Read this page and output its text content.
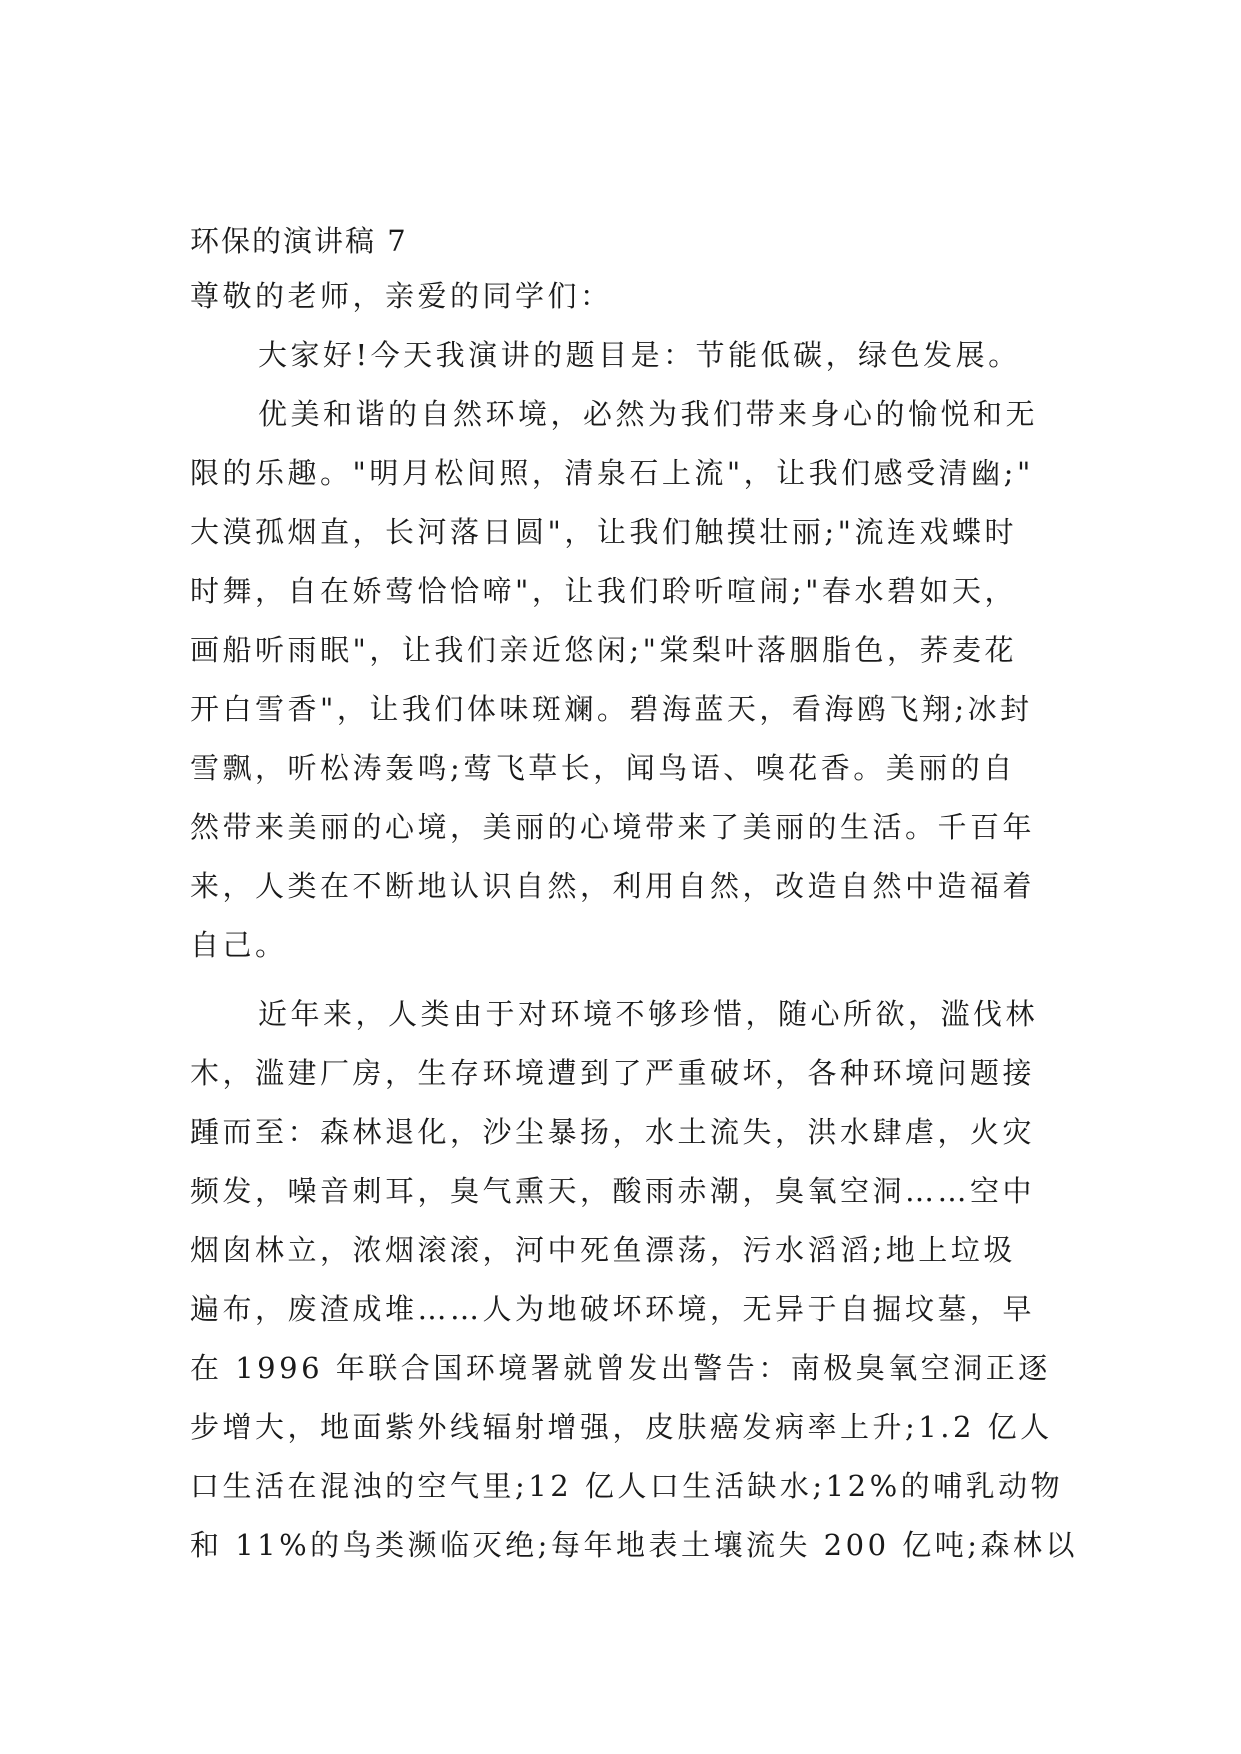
环保的演讲稿 7
尊敬的老师，亲爱的同学们：
大家好!今天我演讲的题目是：节能低碳，绿色发展。
优美和谐的自然环境，必然为我们带来身心的愉悦和无
限的乐趣。"明月松间照，清泉石上流"，让我们感受清幽;"
大漠孤烟直，长河落日圆"，让我们触摸壮丽;"流连戏蝶时
时舞，自在娇莺恰恰啼"，让我们聆听喧闹;"春水碧如天，
画船听雨眠"，让我们亲近悠闲;"棠梨叶落胭脂色，荞麦花
开白雪香"，让我们体味斑斓。碧海蓝天，看海鸥飞翔;冰封
雪飘，听松涛轰鸣;莺飞草长，闻鸟语、嗅花香。美丽的自
然带来美丽的心境，美丽的心境带来了美丽的生活。千百年
来，人类在不断地认识自然，利用自然，改造自然中造福着
自己。
近年来，人类由于对环境不够珍惜，随心所欲，滥伐林
木，滥建厂房，生存环境遭到了严重破坏，各种环境问题接
踵而至：森林退化，沙尘暴扬，水土流失，洪水肆虐，火灾
频发，噪音刺耳，臭气熏天，酸雨赤潮，臭氧空洞……空中
烟囱林立，浓烟滚滚，河中死鱼漂荡，污水滔滔;地上垃圾
遍布，废渣成堆……人为地破坏环境，无异于自掘坟墓，早
在 1996 年联合国环境署就曾发出警告：南极臭氧空洞正逐
步增大，地面紫外线辐射增强，皮肤癌发病率上升;1.2 亿人
口生活在混浊的空气里;12 亿人口生活缺水;12%的哺乳动物
和 11%的鸟类濒临灭绝;每年地表土壤流失 200 亿吨;森林以
